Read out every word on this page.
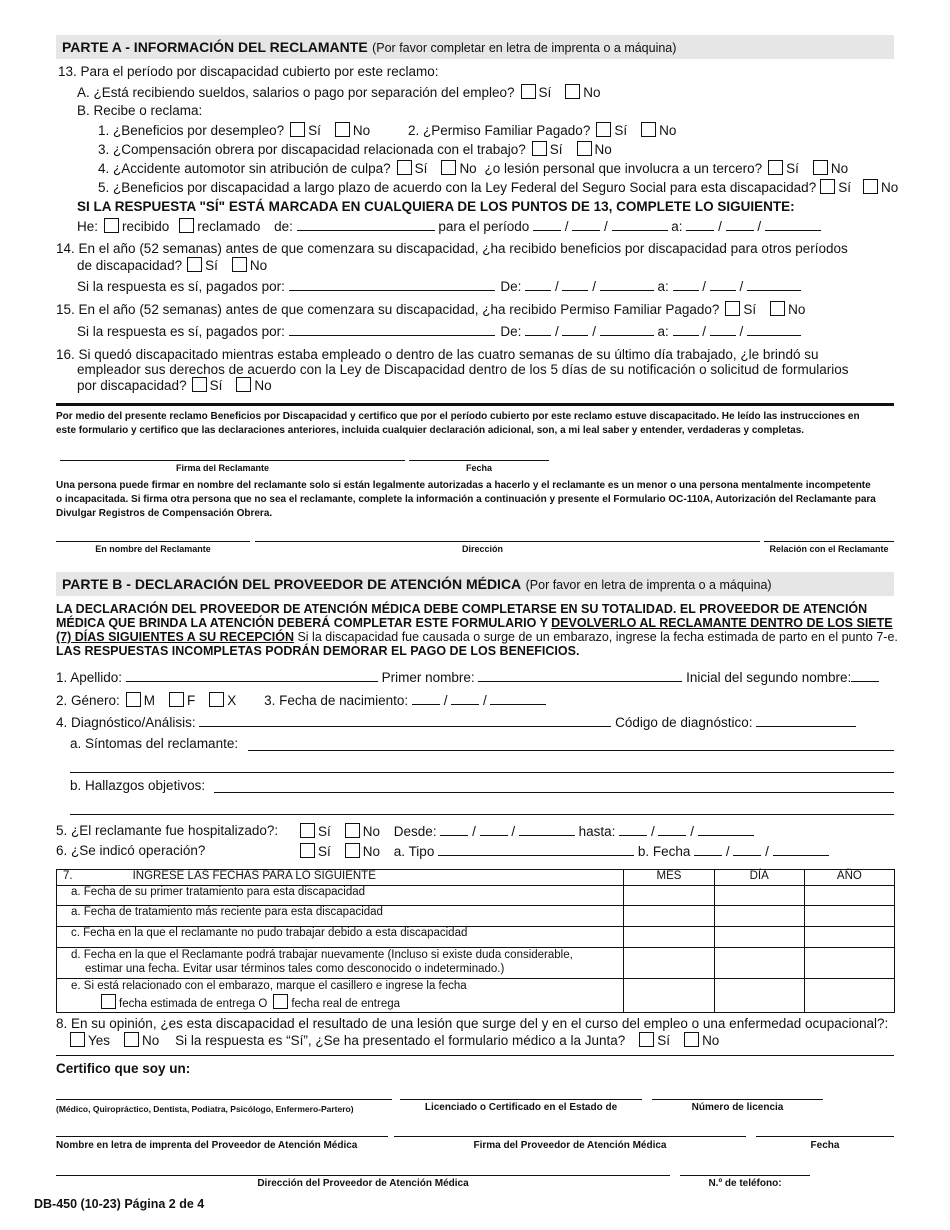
PARTE A - INFORMACIÓN DEL RECLAMANTE (Por favor completar en letra de imprenta o a máquina)
13. Para el período por discapacidad cubierto por este reclamo:
A. ¿Está recibiendo sueldos, salarios o pago por separación del empleo? Sí No
B. Recibe o reclama:
1. ¿Beneficios por desempleo? Sí No	2. ¿Permiso Familiar Pagado? Sí No
3. ¿Compensación obrera por discapacidad relacionada con el trabajo? Sí No
4. ¿Accidente automotor sin atribución de culpa? Sí No ¿o lesión personal que involucra a un tercero? Sí No
5. ¿Beneficios por discapacidad a largo plazo de acuerdo con la Ley Federal del Seguro Social para esta discapacidad? Sí No
SI LA RESPUESTA "SÍ" ESTÁ MARCADA EN CUALQUIERA DE LOS PUNTOS DE 13, COMPLETE LO SIGUIENTE:
He: recibido reclamado de:	para el período  /  /	a:  /  /
14. En el año (52 semanas) antes de que comenzara su discapacidad, ¿ha recibido beneficios por discapacidad para otros períodos
de discapacidad? Sí No
Si la respuesta es sí, pagados por:	De:  /  /	a:  /  /
15. En el año (52 semanas) antes de que comenzara su discapacidad, ¿ha recibido Permiso Familiar Pagado? Sí No
Si la respuesta es sí, pagados por:	De:  /  /	a:  /  /
16. Si quedó discapacitado mientras estaba empleado o dentro de las cuatro semanas de su último día trabajado, ¿le brindó su
empleador sus derechos de acuerdo con la Ley de Discapacidad dentro de los 5 días de su notificación o solicitud de formularios
por discapacidad? Sí No
Por medio del presente reclamo Beneficios por Discapacidad y certifico que por el período cubierto por este reclamo estuve discapacitado. He leído las instrucciones en
este formulario y certifico que las declaraciones anteriores, incluida cualquier declaración adicional, son, a mi leal saber y entender, verdaderas y completas.
Firma del Reclamante	Fecha
Una persona puede firmar en nombre del reclamante solo si están legalmente autorizadas a hacerlo y el reclamante es un menor o una persona mentalmente incompetente
o incapacitada. Si firma otra persona que no sea el reclamante, complete la información a continuación y presente el Formulario OC-110A, Autorización del Reclamante para
Divulgar Registros de Compensación Obrera.
En nombre del Reclamante	Dirección	Relación con el Reclamante
PARTE B - DECLARACIÓN DEL PROVEEDOR DE ATENCIÓN MÉDICA (Por favor en letra de imprenta o a máquina)
LA DECLARACIÓN DEL PROVEEDOR DE ATENCIÓN MÉDICA DEBE COMPLETARSE EN SU TOTALIDAD. EL PROVEEDOR DE ATENCIÓN
MÉDICA QUE BRINDA LA ATENCIÓN DEBERÁ COMPLETAR ESTE FORMULARIO Y DEVOLVERLO AL RECLAMANTE DENTRO DE LOS SIETE
(7) DÍAS SIGUIENTES A SU RECEPCIÓN Si la discapacidad fue causada o surge de un embarazo, ingrese la fecha estimada de parto en el punto 7-e.
LAS RESPUESTAS INCOMPLETAS PODRÁN DEMORAR EL PAGO DE LOS BENEFICIOS.
1. Apellido:	Primer nombre:	Inicial del segundo nombre:
2. Género: M F X 3. Fecha de nacimiento:  /  /
4. Diagnóstico/Análisis:	Código de diagnóstico:
a. Síntomas del reclamante:
b. Hallazgos objetivos:
5. ¿El reclamante fue hospitalizado?:	Sí No Desde:  /  /	hasta:  /  /
6. ¿Se indicó operación?	Sí No a. Tipo	b. Fecha  /  /
7. INGRESE LAS FECHAS PARA LO SIGUIENTE	MES	DÍA	AÑO
a. Fecha de su primer tratamiento para esta discapacidad			
a. Fecha de tratamiento más reciente para esta discapacidad			
c. Fecha en la que el reclamante no pudo trabajar debido a esta discapacidad			

d. Fecha en la que el Reclamante podrá trabajar nuevamente (Incluso si existe duda considerable,
estimar una fecha. Evitar usar términos tales como desconocido o indeterminado.)			

e. Si está relacionado con el embarazo, marque el casillero e ingrese la fecha
fecha estimada de entrega O fecha real de entrega			

8. En su opinión, ¿es esta discapacidad el resultado de una lesión que surge del y en el curso del empleo o una enfermedad ocupacional?:
Yes No Si la respuesta es “Sí”, ¿Se ha presentado el formulario médico a la Junta? Sí No
Certifico que soy un:
(Médico, Quiropráctico, Dentista, Podiatra, Psicólogo, Enfermero-Partero)	Licenciado o Certificado en el Estado de	Número de licencia
Nombre en letra de imprenta del Proveedor de Atención Médica	Firma del Proveedor de Atención Médica	Fecha
Dirección del Proveedor de Atención Médica	N.º de teléfono:
DB-450 (10-23) Página 2 de 4
